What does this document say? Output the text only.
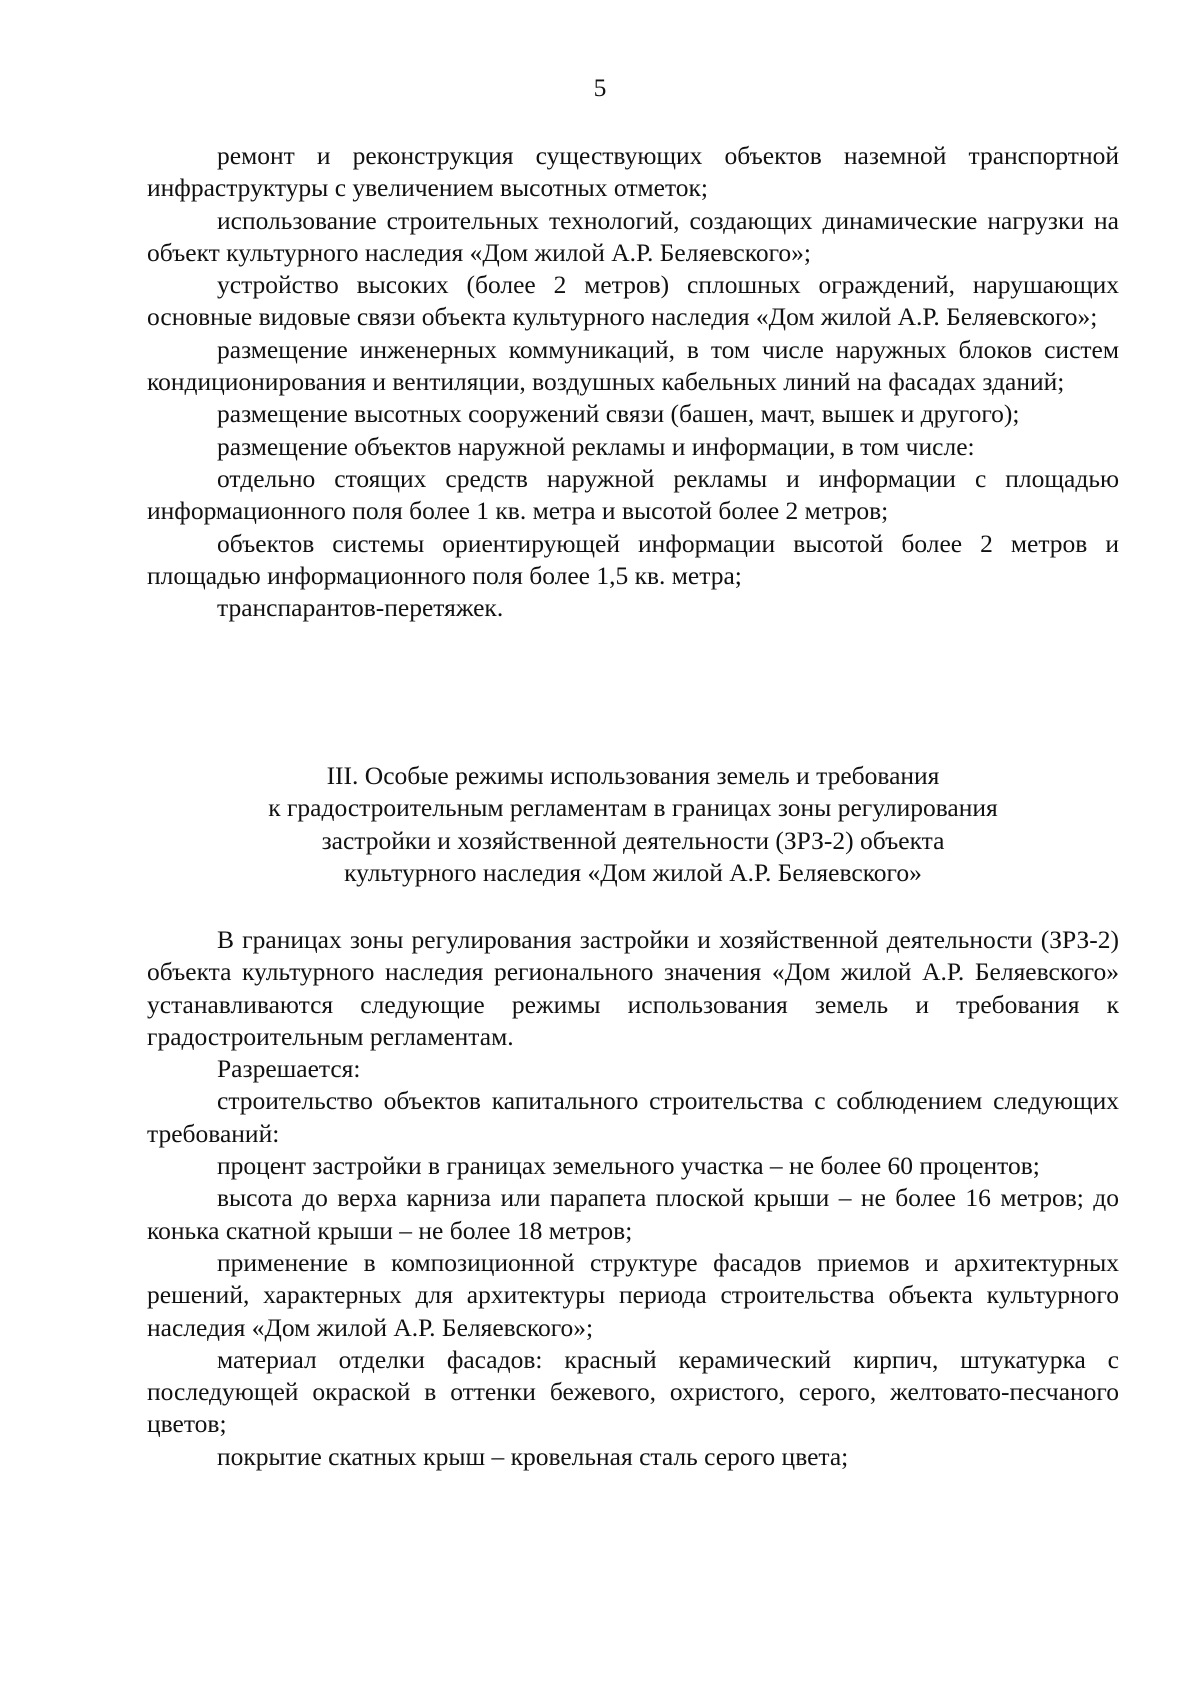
5

ремонт и реконструкция существующих объектов наземной транспортной инфраструктуры с увеличением высотных отметок;

использование строительных технологий, создающих динамические нагрузки на объект культурного наследия «Дом жилой А.Р. Беляевского»;

устройство высоких (более 2 метров) сплошных ограждений, нарушающих основные видовые связи объекта культурного наследия «Дом жилой А.Р. Беляевского»;

размещение инженерных коммуникаций, в том числе наружных блоков систем кондиционирования и вентиляции, воздушных кабельных линий на фасадах зданий;

размещение высотных сооружений связи (башен, мачт, вышек и другого);

размещение объектов наружной рекламы и информации, в том числе:

отдельно стоящих средств наружной рекламы и информации с площадью информационного поля более 1 кв. метра и высотой более 2 метров;

объектов системы ориентирующей информации высотой более 2 метров и площадью информационного поля более 1,5 кв. метра;

транспарантов-перетяжек.

III. Особые режимы использования земель и требования
к градостроительным регламентам в границах зоны регулирования
застройки и хозяйственной деятельности (ЗРЗ-2) объекта
культурного наследия «Дом жилой А.Р. Беляевского»

В границах зоны регулирования застройки и хозяйственной деятельности (ЗРЗ-2) объекта культурного наследия регионального значения «Дом жилой А.Р. Беляевского» устанавливаются следующие режимы использования земель и требования к градостроительным регламентам.

Разрешается:

строительство объектов капитального строительства с соблюдением следующих требований:

процент застройки в границах земельного участка – не более 60 процентов;

высота до верха карниза или парапета плоской крыши – не более 16 метров; до конька скатной крыши – не более 18 метров;

применение в композиционной структуре фасадов приемов и архитектурных решений, характерных для архитектуры периода строительства объекта культурного наследия «Дом жилой А.Р. Беляевского»;

материал отделки фасадов: красный керамический кирпич, штукатурка с последующей окраской в оттенки бежевого, охристого, серого, желтовато-песчаного цветов;

покрытие скатных крыш – кровельная сталь серого цвета;
